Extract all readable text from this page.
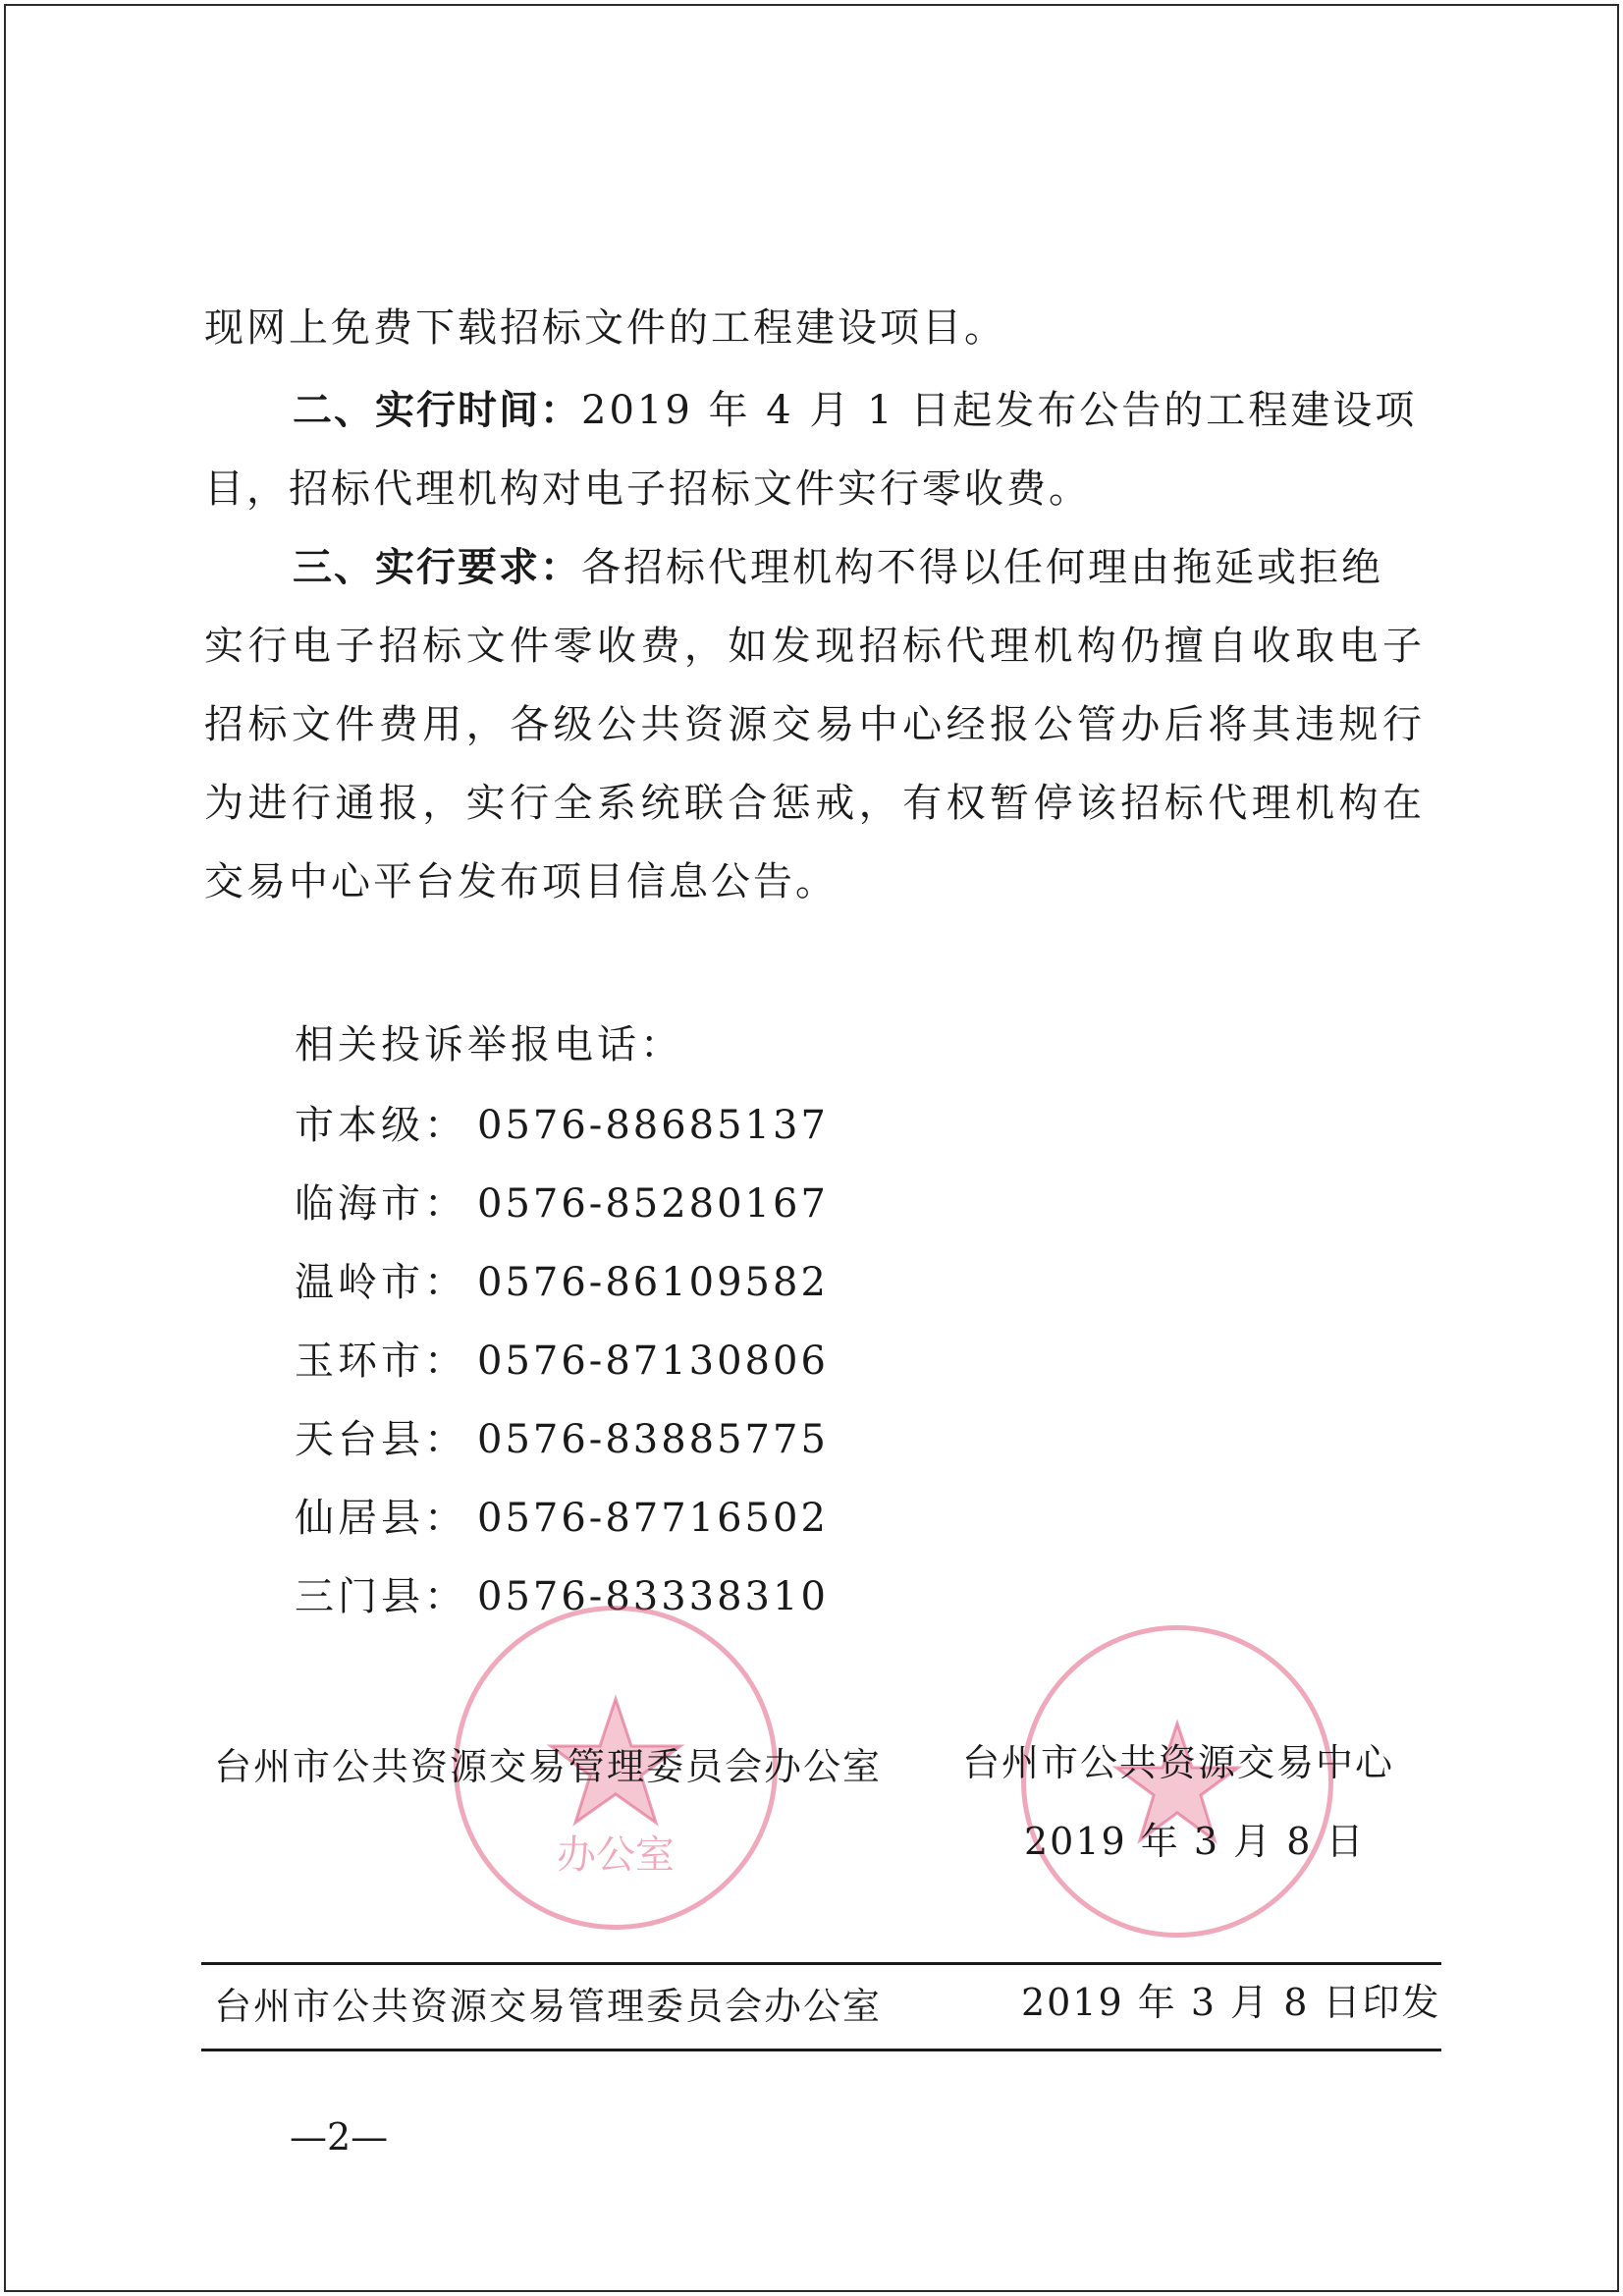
现网上免费下载招标文件的工程建设项目。
二、实行时间：2019 年 4 月 1 日起发布公告的工程建设项
目，招标代理机构对电子招标文件实行零收费。
三、实行要求：各招标代理机构不得以任何理由拖延或拒绝
实行电子招标文件零收费，如发现招标代理机构仍擅自收取电子
招标文件费用，各级公共资源交易中心经报公管办后将其违规行
为进行通报，实行全系统联合惩戒，有权暂停该招标代理机构在
交易中心平台发布项目信息公告。
相关投诉举报电话：
市本级： 0576-88685137
临海市： 0576-85280167
温岭市： 0576-86109582
玉环市： 0576-87130806
天台县： 0576-83885775
仙居县： 0576-87716502
三门县： 0576-83338310
办公室
台州市公共资源交易管理委员会办公室 台州市公共资源交易中心
2019 年 3 月 8 日
台州市公共资源交易管理委员会办公室	2019 年 3 月 8 日印发
—2—
